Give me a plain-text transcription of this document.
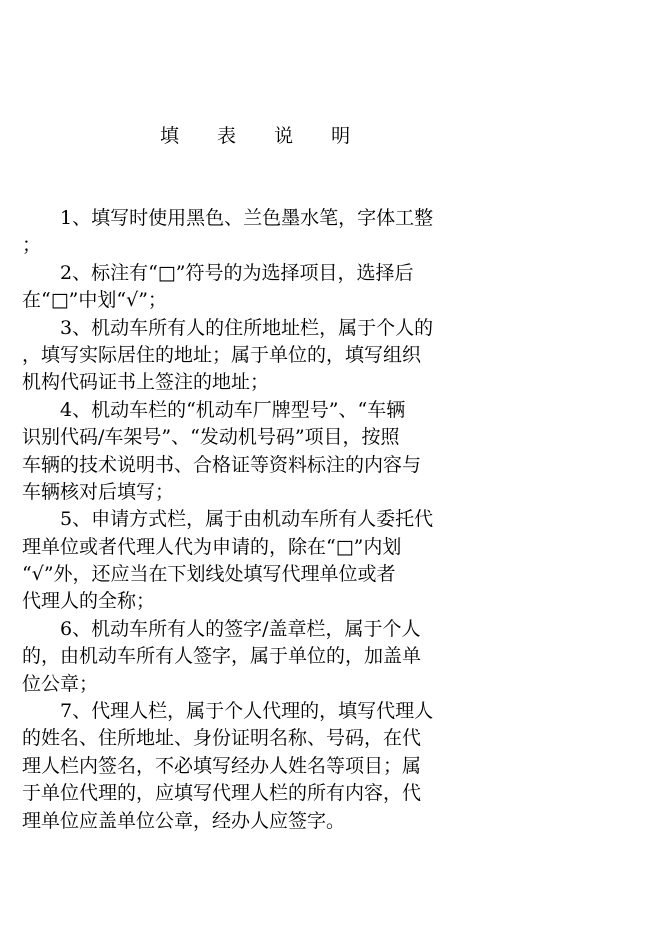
填 表 说 明
1、填写时使用黑色、兰色墨水笔，字体工整
；
2、标注有“□”符号的为选择项目，选择后
在“□”中划“√”；
3、机动车所有人的住所地址栏，属于个人的
，填写实际居住的地址；属于单位的，填写组织
机构代码证书上签注的地址；
4、机动车栏的“机动车厂牌型号”、“车辆
识别代码/车架号”、“发动机号码”项目，按照
车辆的技术说明书、合格证等资料标注的内容与
车辆核对后填写；
5、申请方式栏，属于由机动车所有人委托代
理单位或者代理人代为申请的，除在“□”内划
“√”外，还应当在下划线处填写代理单位或者
代理人的全称；
6、机动车所有人的签字/盖章栏，属于个人
的，由机动车所有人签字，属于单位的，加盖单
位公章；
7、代理人栏，属于个人代理的，填写代理人
的姓名、住所地址、身份证明名称、号码，在代
理人栏内签名，不必填写经办人姓名等项目；属
于单位代理的，应填写代理人栏的所有内容，代
理单位应盖单位公章，经办人应签字。
